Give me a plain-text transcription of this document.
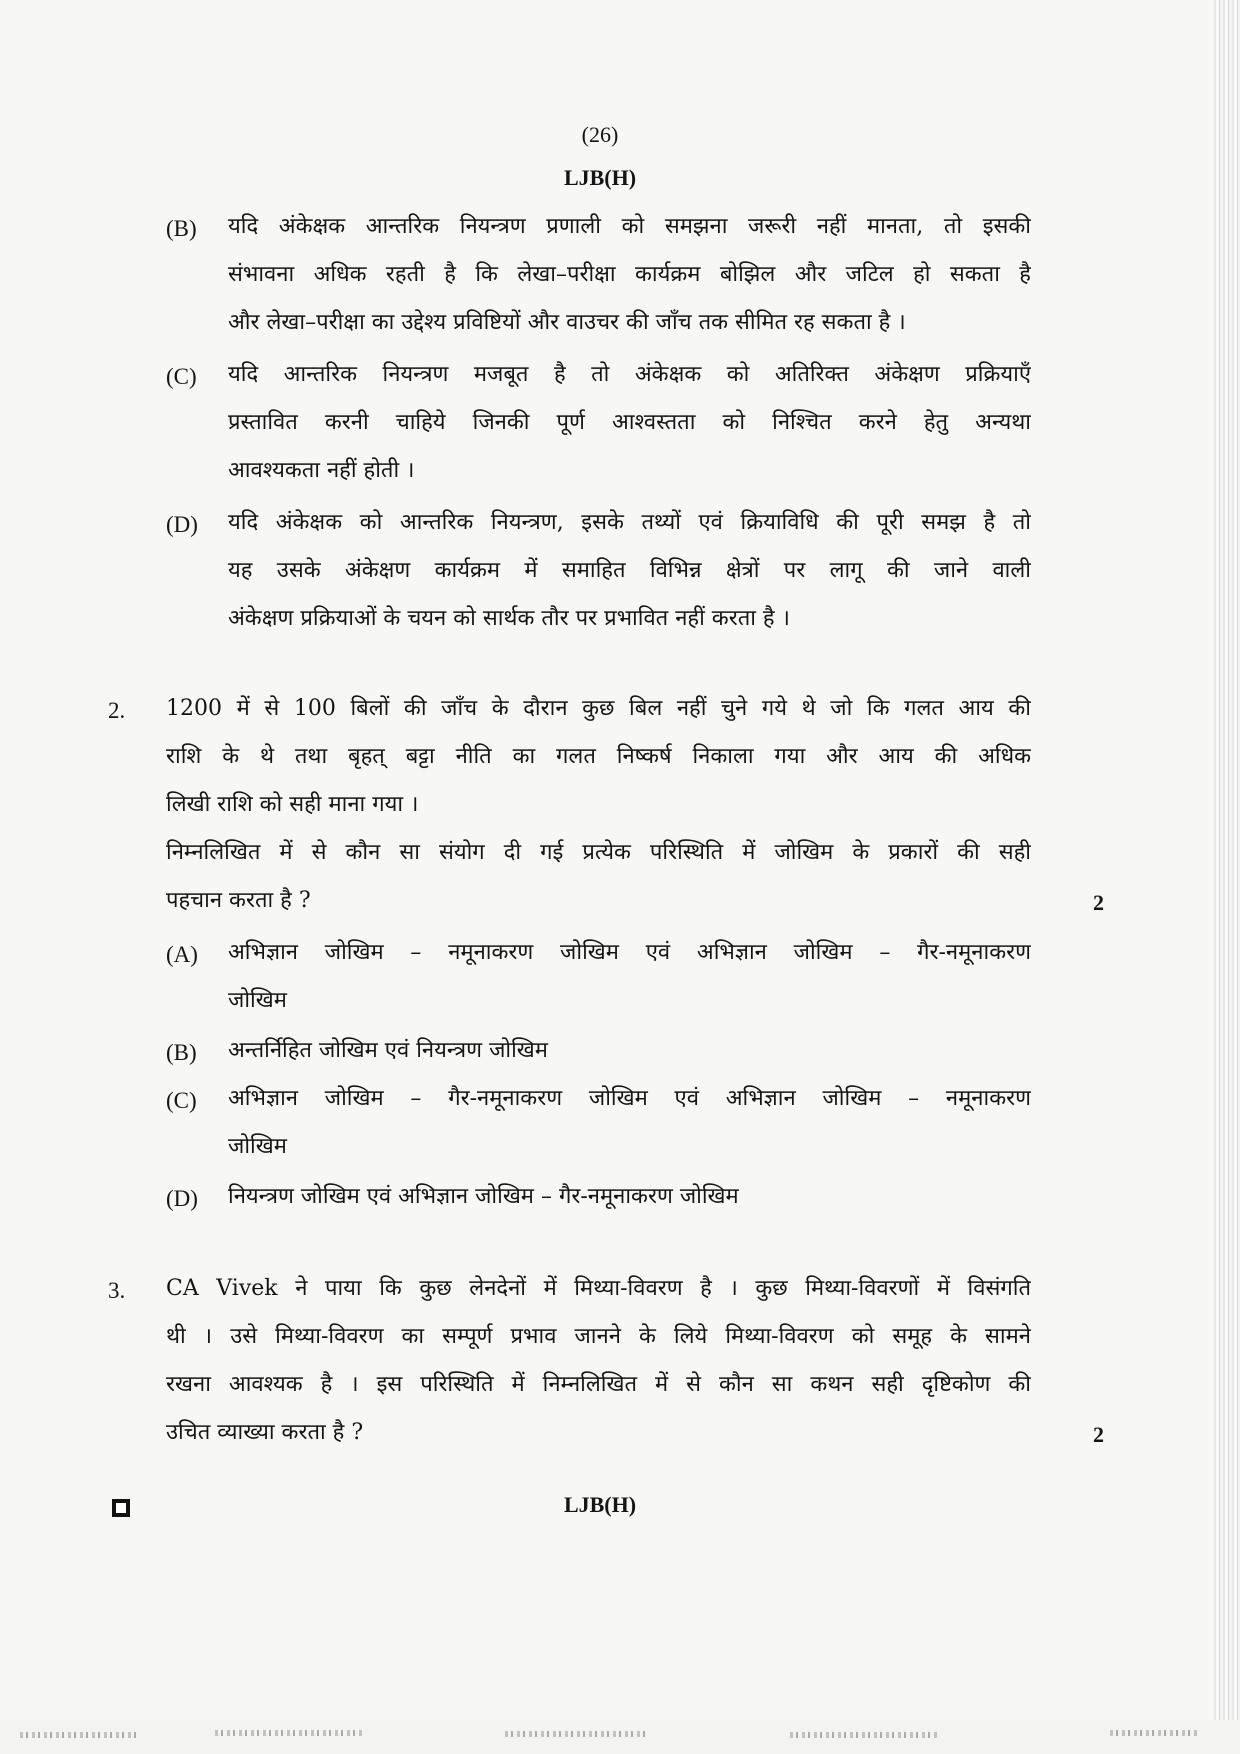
(26)
LJB(H)
(B) यदि अंकेक्षक आन्तरिक नियन्त्रण प्रणाली को समझना जरूरी नहीं मानता, तो इसकी
संभावना अधिक रहती है कि लेखा–परीक्षा कार्यक्रम बोझिल और जटिल हो सकता है
और लेखा–परीक्षा का उद्देश्य प्रविष्टियों और वाउचर की जाँच तक सीमित रह सकता है ।
(C) यदि आन्तरिक नियन्त्रण मजबूत है तो अंकेक्षक को अतिरिक्त अंकेक्षण प्रक्रियाएँ
प्रस्तावित करनी चाहिये जिनकी पूर्ण आश्वस्तता को निश्चित करने हेतु अन्यथा
आवश्यकता नहीं होती ।
(D) यदि अंकेक्षक को आन्तरिक नियन्त्रण, इसके तथ्यों एवं क्रियाविधि की पूरी समझ है तो
यह उसके अंकेक्षण कार्यक्रम में समाहित विभिन्न क्षेत्रों पर लागू की जाने वाली
अंकेक्षण प्रक्रियाओं के चयन को सार्थक तौर पर प्रभावित नहीं करता है ।
2. 1200 में से 100 बिलों की जाँच के दौरान कुछ बिल नहीं चुने गये थे जो कि गलत आय की
राशि के थे तथा बृहत् बट्टा नीति का गलत निष्कर्ष निकाला गया और आय की अधिक
लिखी राशि को सही माना गया ।
निम्नलिखित में से कौन सा संयोग दी गई प्रत्येक परिस्थिति में जोखिम के प्रकारों की सही
पहचान करता है ?	2
(A) अभिज्ञान जोखिम – नमूनाकरण जोखिम एवं अभिज्ञान जोखिम – गैर-नमूनाकरण
जोखिम
(B) अन्तर्निहित जोखिम एवं नियन्त्रण जोखिम
(C) अभिज्ञान जोखिम – गैर-नमूनाकरण जोखिम एवं अभिज्ञान जोखिम – नमूनाकरण
जोखिम
(D) नियन्त्रण जोखिम एवं अभिज्ञान जोखिम – गैर-नमूनाकरण जोखिम
3. CA Vivek ने पाया कि कुछ लेनदेनों में मिथ्या-विवरण है । कुछ मिथ्या-विवरणों में विसंगति
थी । उसे मिथ्या-विवरण का सम्पूर्ण प्रभाव जानने के लिये मिथ्या-विवरण को समूह के सामने
रखना आवश्यक है । इस परिस्थिति में निम्नलिखित में से कौन सा कथन सही दृष्टिकोण की
उचित व्याख्या करता है ?	2
LJB(H)
